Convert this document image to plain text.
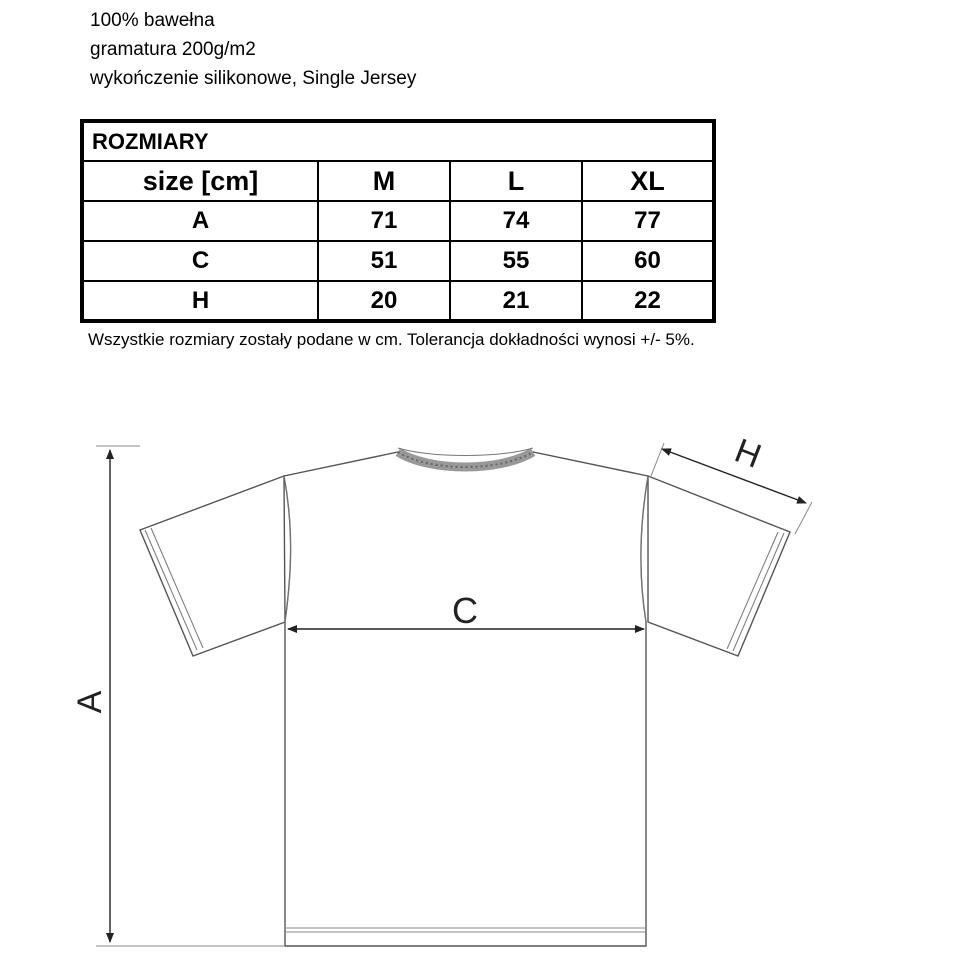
100% bawełna
gramatura 200g/m2
wykończenie silikonowe, Single Jersey
ROZMIARY			
size [cm]	M	L	XL
A	71	74	77
C	51	55	60
H	20	21	22
Wszystkie rozmiary zostały podane w cm. Tolerancja dokładności wynosi +/- 5%.
A
C
H
